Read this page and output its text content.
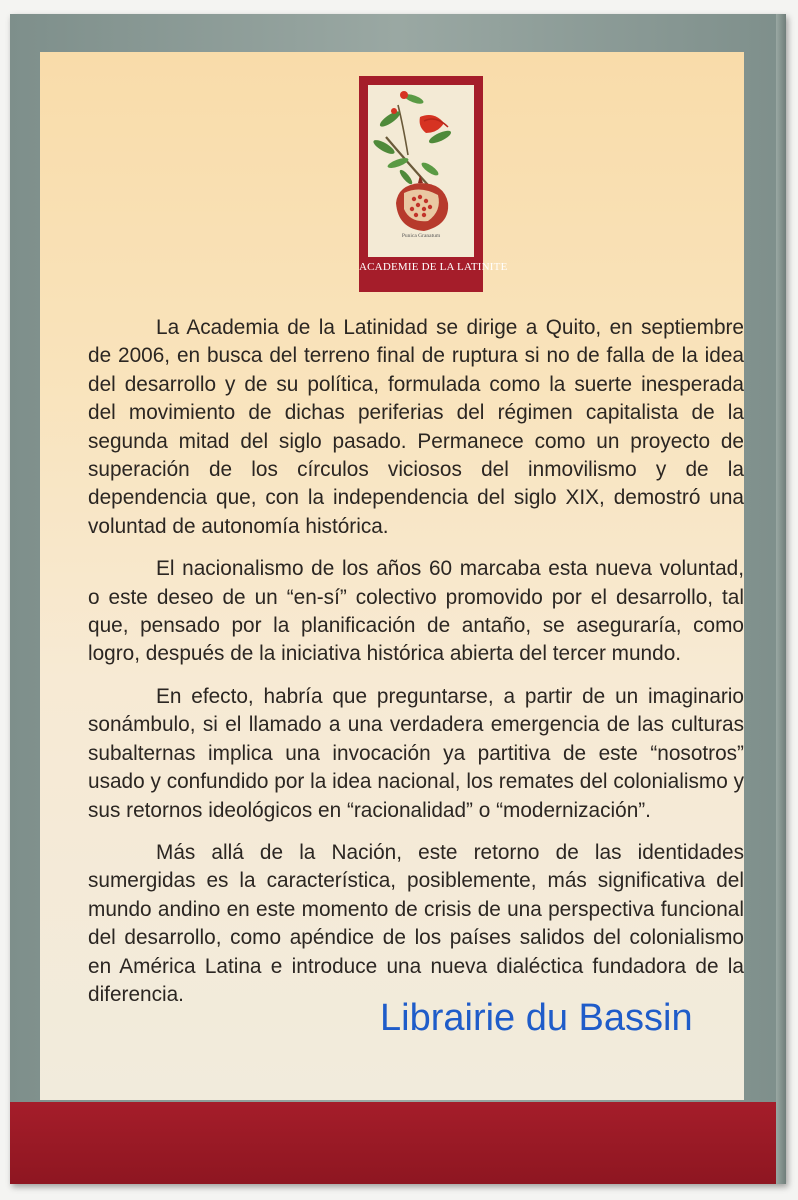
Punica Granatum
ACADEMIE DE LA LATINITE

La Academia de la Latinidad se dirige a Quito, en septiembre de 2006, en busca del terreno final de ruptura si no de falla de la idea del desarrollo y de su política, formulada como la suerte inesperada del movimiento de dichas periferias del régimen capitalista de la segunda mitad del siglo pasado. Permanece como un proyecto de superación de los círculos viciosos del inmovilismo y de la dependencia que, con la independencia del siglo XIX, demostró una voluntad de autonomía histórica.

El nacionalismo de los años 60 marcaba esta nueva voluntad, o este deseo de un “en-sí” colectivo promovido por el desarrollo, tal que, pensado por la planificación de antaño, se aseguraría, como logro, después de la iniciativa histórica abierta del tercer mundo.

En efecto, habría que preguntarse, a partir de un imaginario sonámbulo, si el llamado a una verdadera emergencia de las culturas subalternas implica una invocación ya partitiva de este “nosotros” usado y confundido por la idea nacional, los remates del colonialismo y sus retornos ideológicos en “racionalidad” o “modernización”.

Más allá de la Nación, este retorno de las identidades sumergidas es la característica, posiblemente, más significativa del mundo andino en este momento de crisis de una perspectiva funcional del desarrollo, como apéndice de los países salidos del colonialismo en América Latina e introduce una nueva dialéctica fundadora de la diferencia.

Librairie du Bassin
